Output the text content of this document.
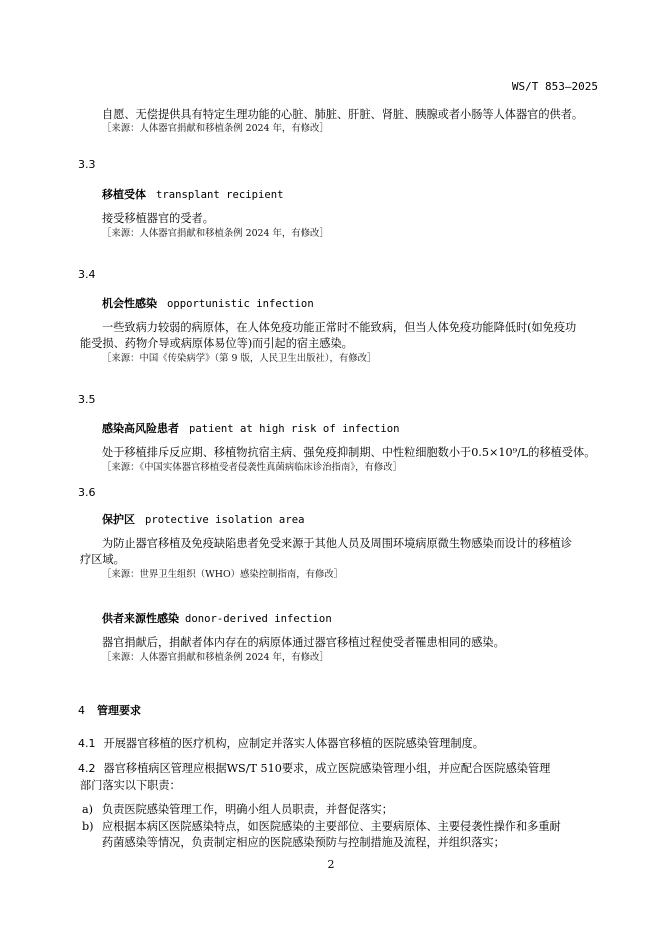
WS/T 853—2025
自愿、无偿提供具有特定生理功能的心脏、肺脏、肝脏、肾脏、胰腺或者小肠等人体器官的供者。
［来源：人体器官捐献和移植条例 2024 年，有修改］
3.3
移植受体 transplant recipient
接受移植器官的受者。
［来源：人体器官捐献和移植条例 2024 年，有修改］
3.4
机会性感染 opportunistic infection
一些致病力较弱的病原体，在人体免疫功能正常时不能致病，但当人体免疫功能降低时(如免疫功
能受损、药物介导或病原体易位等)而引起的宿主感染。
［来源：中国《传染病学》（第 9 版，人民卫生出版社），有修改］
3.5
感染高风险患者 patient at high risk of infection
处于移植排斥反应期、移植物抗宿主病、强免疫抑制期、中性粒细胞数小于0.5×10⁹/L的移植受体。
［来源：《中国实体器官移植受者侵袭性真菌病临床诊治指南》，有修改］
3.6
保护区 protective isolation area
为防止器官移植及免疫缺陷患者免受来源于其他人员及周围环境病原微生物感染而设计的移植诊
疗区域。
［来源：世界卫生组织（WHO）感染控制指南，有修改］
供者来源性感染 donor-derived infection
器官捐献后，捐献者体内存在的病原体通过器官移植过程使受者罹患相同的感染。
［来源：人体器官捐献和移植条例 2024 年，有修改］
4 管理要求
4.1 开展器官移植的医疗机构，应制定并落实人体器官移植的医院感染管理制度。
4.2 器官移植病区管理应根据WS/T 510要求，成立医院感染管理小组，并应配合医院感染管理
部门落实以下职责：
a) 负责医院感染管理工作，明确小组人员职责，并督促落实；
b) 应根据本病区医院感染特点，如医院感染的主要部位、主要病原体、主要侵袭性操作和多重耐
药菌感染等情况，负责制定相应的医院感染预防与控制措施及流程，并组织落实；
2
